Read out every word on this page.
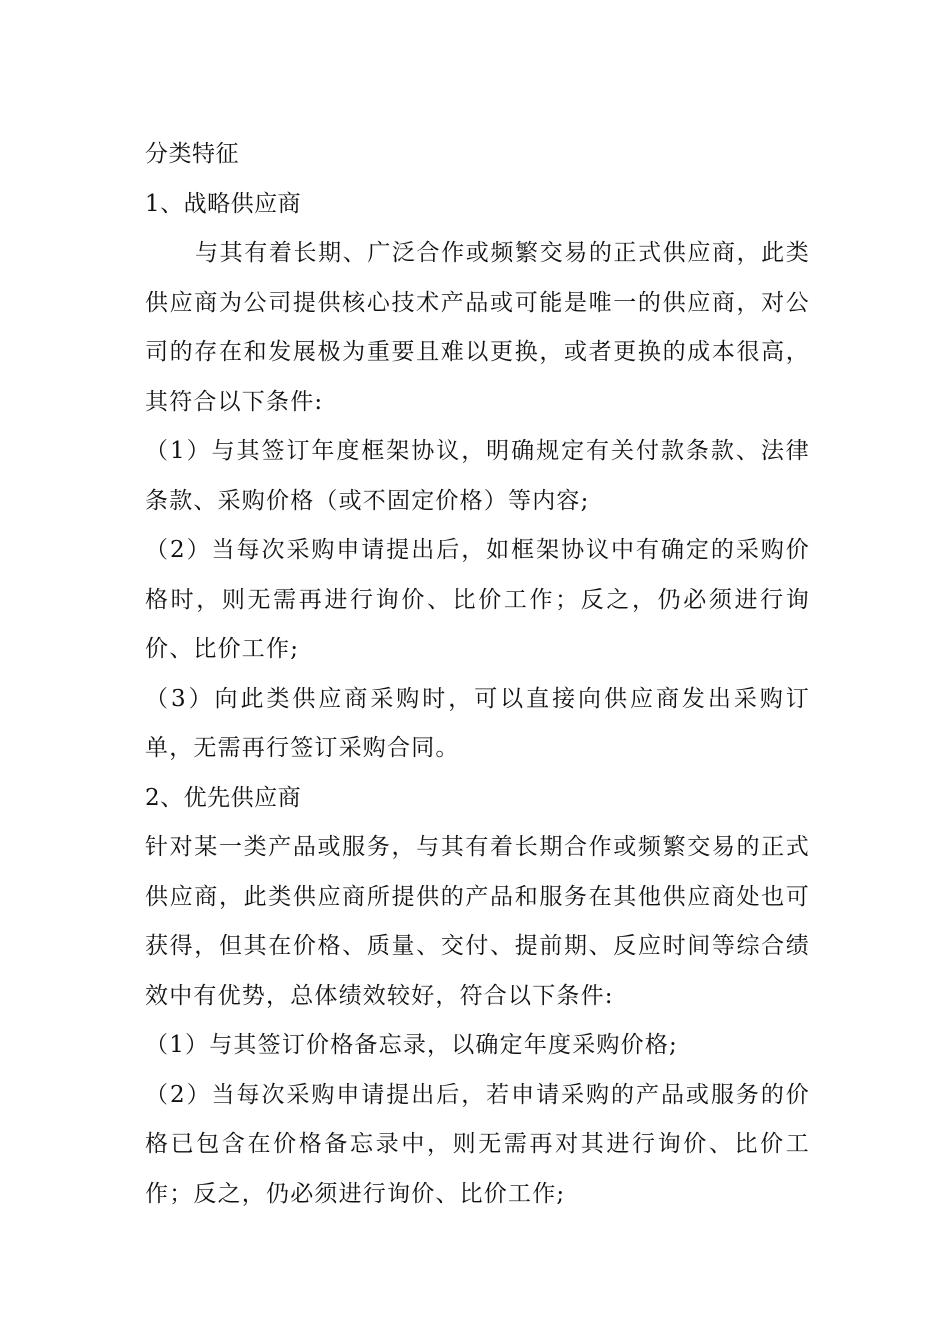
分类特征

1、战略供应商

与其有着长期、广泛合作或频繁交易的正式供应商，此类供应商为公司提供核心技术产品或可能是唯一的供应商，对公司的存在和发展极为重要且难以更换，或者更换的成本很高，其符合以下条件:

（1）与其签订年度框架协议，明确规定有关付款条款、法律条款、采购价格（或不固定价格）等内容;

（2）当每次采购申请提出后，如框架协议中有确定的采购价格时，则无需再进行询价、比价工作；反之，仍必须进行询价、比价工作;

（3）向此类供应商采购时，可以直接向供应商发出采购订单，无需再行签订采购合同。

2、优先供应商

针对某一类产品或服务，与其有着长期合作或频繁交易的正式供应商，此类供应商所提供的产品和服务在其他供应商处也可获得，但其在价格、质量、交付、提前期、反应时间等综合绩效中有优势，总体绩效较好，符合以下条件:

（1）与其签订价格备忘录，以确定年度采购价格;

（2）当每次采购申请提出后，若申请采购的产品或服务的价格已包含在价格备忘录中，则无需再对其进行询价、比价工作；反之，仍必须进行询价、比价工作;
